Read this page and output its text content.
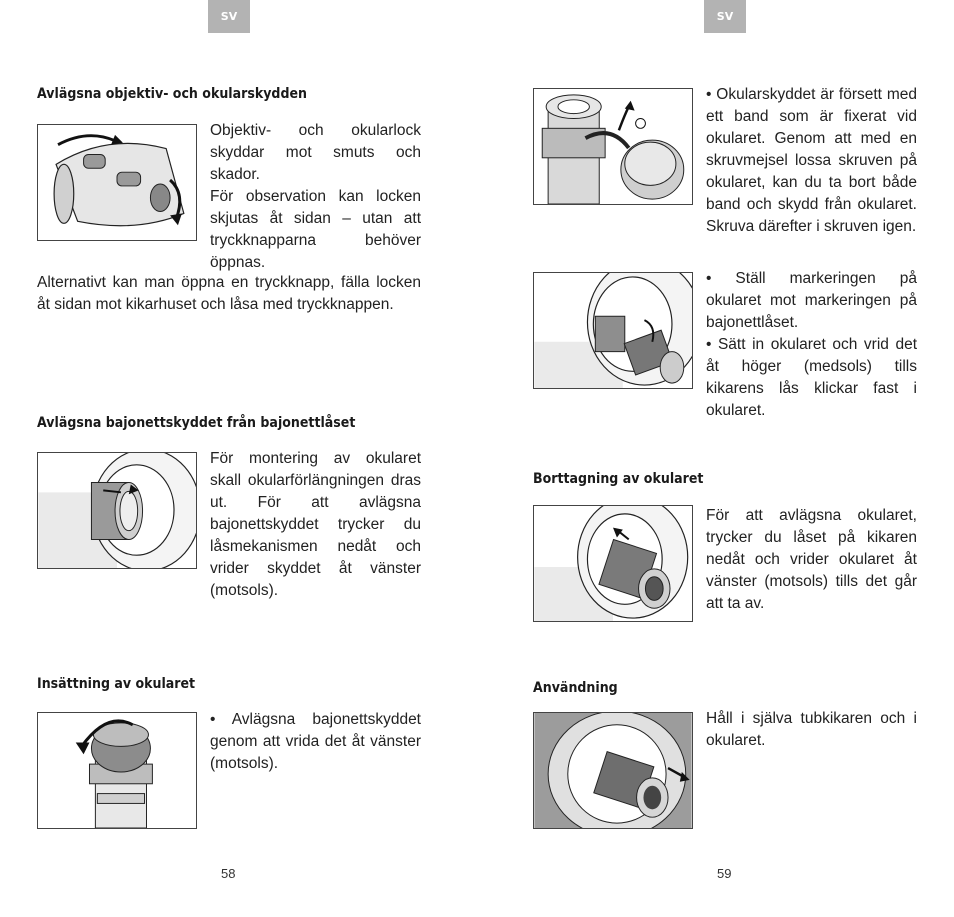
SV
Avlägsna objektiv- och okularskydden

Objektiv- och okularlock skyddar mot smuts och skador.

För observation kan locken skjutas åt sidan – utan att tryckknapparna behöver öppnas.

Alternativt kan man öppna en tryckknapp, fälla locken åt sidan mot kikarhuset och låsa med tryckknappen.
Avlägsna bajonettskyddet från bajonettlåset
För montering av okularet skall okularförlängningen dras ut. För att avlägsna bajonettskyddet trycker du låsmekanismen nedåt och vrider skyddet åt vänster (motsols).
Insättning av okularet
• Avlägsna bajonettskyddet genom att vrida det åt vänster (motsols).
58
SV
• Okularskyddet är försett med ett band som är fixerat vid okularet. Genom att med en skruvmejsel lossa skruven på okularet, kan du ta bort både band och skydd från okularet. Skruva därefter i skruven igen.

• Ställ markeringen på okularet mot markeringen på bajonettlåset.

• Sätt in okularet och vrid det åt höger (medsols) tills kikarens lås klickar fast i okularet.

Borttagning av okularet
För att avlägsna okularet, trycker du låset på kikaren nedåt och vrider okularet åt vänster (motsols) tills det går att ta av.
Användning
Håll i själva tubkikaren och i okularet.
59
